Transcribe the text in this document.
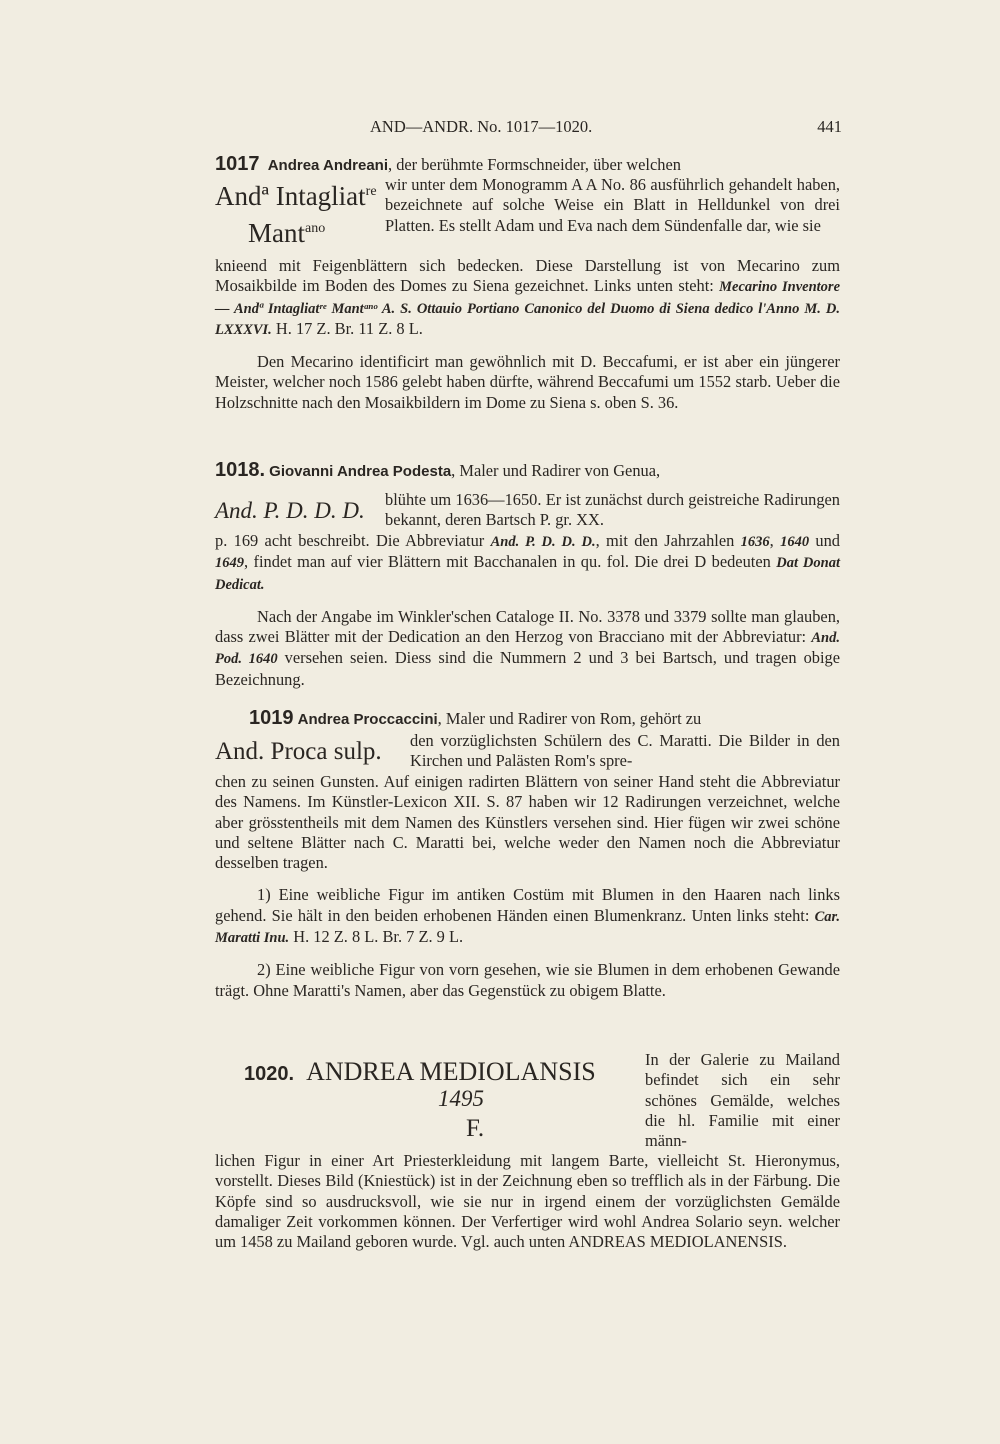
AND—ANDR. No. 1017—1020.	441

1017 Andrea Andreani, der berühmte Formschneider, über welchen

Andª Intagliat$^{re}$
Mant$^{ano}$

wir unter dem Monogramm A A No. 86 ausführlich gehandelt haben, bezeichnete auf solche Weise ein Blatt in Helldunkel von drei Platten. Es stellt Adam und Eva nach dem Sündenfalle dar, wie sie

knieend mit Feigenblättern sich bedecken. Diese Darstellung ist von Mecarino zum Mosaikbilde im Boden des Domes zu Siena gezeichnet. Links unten steht: Mecarino Inventore — Andª Intagliatʳᵉ Mantᵃⁿᵒ A. S. Ottauio Portiano Canonico del Duomo di Siena dedico l'Anno M. D. LXXXVI. H. 17 Z. Br. 11 Z. 8 L.

Den Mecarino identificirt man gewöhnlich mit D. Beccafumi, er ist aber ein jüngerer Meister, welcher noch 1586 gelebt haben dürfte, während Beccafumi um 1552 starb. Ueber die Holzschnitte nach den Mosaikbildern im Dome zu Siena s. oben S. 36.

1018. Giovanni Andrea Podesta, Maler und Radirer von Genua,

And. P. D. D. D. blühte um 1636—1650. Er ist zunächst durch geistreiche Radirungen bekannt, deren Bartsch P. gr. XX.

p. 169 acht beschreibt. Die Abbreviatur And. P. D. D. D., mit den Jahrzahlen 1636, 1640 und 1649, findet man auf vier Blättern mit Bacchanalen in qu. fol. Die drei D bedeuten Dat Donat Dedicat.

Nach der Angabe im Winkler'schen Cataloge II. No. 3378 und 3379 sollte man glauben, dass zwei Blätter mit der Dedication an den Herzog von Bracciano mit der Abbreviatur: And. Pod. 1640 versehen seien. Diess sind die Nummern 2 und 3 bei Bartsch, und tragen obige Bezeichnung.

1019 Andrea Proccaccini, Maler und Radirer von Rom, gehört zu

And. Proca sulp. den vorzüglichsten Schülern des C. Maratti. Die Bilder in den Kirchen und Palästen Rom's spre-

chen zu seinen Gunsten. Auf einigen radirten Blättern von seiner Hand steht die Abbreviatur des Namens. Im Künstler-Lexicon XII. S. 87 haben wir 12 Radirungen verzeichnet, welche aber grösstentheils mit dem Namen des Künstlers versehen sind. Hier fügen wir zwei schöne und seltene Blätter nach C. Maratti bei, welche weder den Namen noch die Abbreviatur desselben tragen.

1) Eine weibliche Figur im antiken Costüm mit Blumen in den Haaren nach links gehend. Sie hält in den beiden erhobenen Händen einen Blumenkranz. Unten links steht: Car. Maratti Inu. H. 12 Z. 8 L. Br. 7 Z. 9 L.

2) Eine weibliche Figur von vorn gesehen, wie sie Blumen in dem erhobenen Gewande trägt. Ohne Maratti's Namen, aber das Gegenstück zu obigem Blatte.

1020. ANDREA MEDIOLANSIS
1495
F.

In der Galerie zu Mailand befindet sich ein sehr schönes Gemälde, welches die hl. Familie mit einer männ-

lichen Figur in einer Art Priesterkleidung mit langem Barte, vielleicht St. Hieronymus, vorstellt. Dieses Bild (Kniestück) ist in der Zeichnung eben so trefflich als in der Färbung. Die Köpfe sind so ausdrucksvoll, wie sie nur in irgend einem der vorzüglichsten Gemälde damaliger Zeit vorkommen können. Der Verfertiger wird wohl Andrea Solario seyn. welcher um 1458 zu Mailand geboren wurde. Vgl. auch unten ANDREAS MEDIOLANENSIS.
